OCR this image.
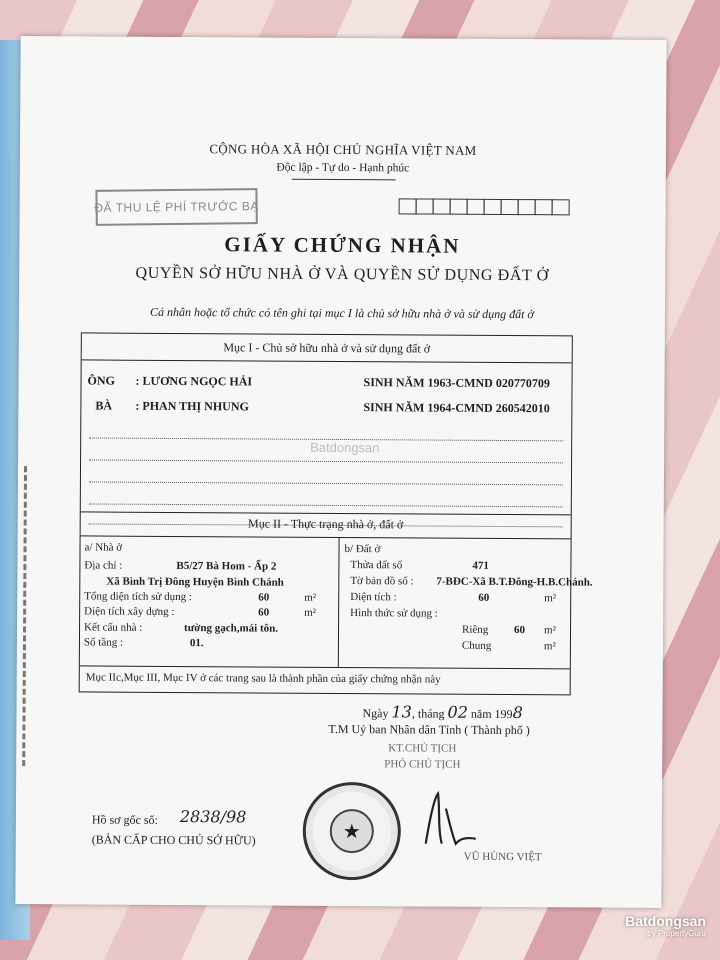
CỘNG HÒA XÃ HỘI CHỦ NGHĨA VIỆT NAM
Độc lập - Tự do - Hạnh phúc
ĐÃ THU LỆ PHÍ TRƯỚC BẠ
GIẤY CHỨNG NHẬN
QUYỀN SỞ HỮU NHÀ Ở VÀ QUYỀN SỬ DỤNG ĐẤT Ở
Cá nhân hoặc tổ chức có tên ghi tại mục I là chủ sở hữu nhà ở và sử dụng đất ở
Batdongsan
Mục I - Chủ sở hữu nhà ở và sử dụng đất ở
ÔNG : LƯƠNG NGỌC HẢI	SINH NĂM 1963-CMND 020770709
BÀ : PHAN THỊ NHUNG	SINH NĂM 1964-CMND 260542010
Mục II - Thực trạng nhà ở, đất ở
a/ Nhà ở
Địa chỉ :	B5/27 Bà Hom - Ấp 2
Xã Bình Trị Đông Huyện Bình Chánh
Tổng diện tích sử dụng :	60	m²
Diện tích xây dựng :	60	m²
Kết cấu nhà :	tường gạch,mái tôn.
Số tầng :	01.
b/ Đất ở
Thửa đất số	471
Tờ bản đồ số : 7-BĐC-Xã B.T.Đông-H.B.Chánh.
Diện tích :	60	m²
Hình thức sử dụng :
Riêng 60 m²
Chung	m²
Mục IIc,Mục III, Mục IV ở các trang sau là thành phần của giấy chứng nhận này
Ngày 13, tháng 02 năm 1998
T.M Uỷ ban Nhân dân Tỉnh ( Thành phố )
KT.CHỦ TỊCH
PHÓ CHỦ TỊCH
Hồ sơ gốc số: 2838/98
(BẢN CẤP CHO CHỦ SỞ HỮU)	★
VŨ HÙNG VIỆT
Batdongsan
by PropertyGuru
